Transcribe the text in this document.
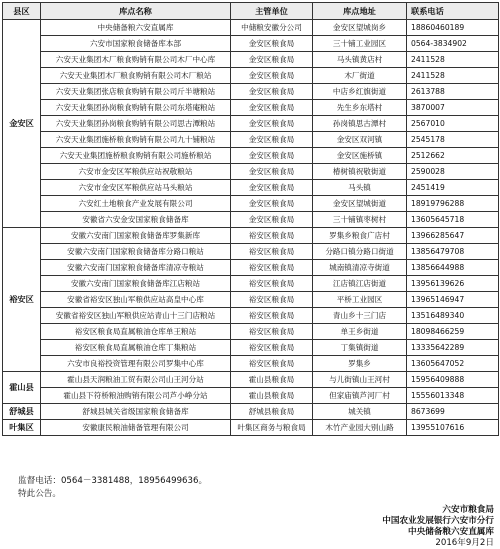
县区	库点名称	主管单位	库点地址	联系电话
金安区	中央储备粮六安直属库	中储粮安徽分公司	金安区望城岗乡	18860460189
	六安市国家粮食储备库本部	金安区粮食局	三十铺工业园区	0564-3834902
	六安天业集团木厂粮食购销有限公司木厂中心库	金安区粮食局	马头镇黄店村	2411528
	六安天业集团木厂粮食购销有限公司木厂粮站	金安区粮食局	木厂街道	2411528
	六安天业集团张店粮食购销有限公司斤半塘粮站	金安区粮食局	中店乡红旗街道	2613788
	六安天业集团孙岗粮食购销有限公司东塔庵粮站	金安区粮食局	先生乡东塔村	3870007
	六安天业集团孙岗粮食购销有限公司思古潭粮站	金安区粮食局	孙岗镇思古潭村	2567010
	六安天业集团施桥粮食购销有限公司九十铺粮站	金安区粮食局	金安区双河镇	2545178
	六安天业集团施桥粮食购销有限公司施桥粮站	金安区粮食局	金安区施桥镇	2512662
	六安市金安区军粮供应站祝敬粮站	金安区粮食局	椿树镇祝敬街道	2590028
	六安市金安区军粮供应站马头粮站	金安区粮食局	马头镇	2451419
	六安红土地粮食产业发展有限公司	金安区粮食局	金安区望城街道	18919796288
	安徽省六安金安国家粮食储备库	金安区粮食局	三十铺镇枣树村	13605645718
裕安区	安徽六安南门国家粮食储备库罗集新库	裕安区粮食局	罗集乡粮食广店村	13966285647
	安徽六安南门国家粮食储备库分路口粮站	裕安区粮食局	分路口镇分路口街道	13856479708
	安徽六安南门国家粮食储备库清凉寺粮站	裕安区粮食局	城南镇清凉寺街道	13856644988
	安徽六安南门国家粮食储备库江店粮站	裕安区粮食局	江店镇江店街道	13956139626
	安徽省裕安区独山军粮供应站高皇中心库	裕安区粮食局	平桥工业园区	13965146947
	安徽省裕安区独山军粮供应站青山十三门店粮站	裕安区粮食局	青山乡十三门店	13516489340
	裕安区粮食局直属粮油仓库单王粮站	裕安区粮食局	单王乡街道	18098466259
	裕安区粮食局直属粮油仓库丁集粮站	裕安区粮食局	丁集镇街道	13335642289
	六安市良裕投资管理有限公司罗集中心库	裕安区粮食局	罗集乡	13605647052
霍山县	霍山县天润粮油工贸有限公司山王河分站	霍山县粮食局	与儿街镇山王河村	15956409888
	霍山县下符桥粮油购销有限公司芦小峥分站	霍山县粮食局	但家庙镇芦河厂村	15556013348
舒城县	舒城县城关省级国家粮食储备库	舒城县粮食局	城关镇	8673699
叶集区	安徽康民粮油储备管理有限公司	叶集区商务与粮食局	木竹产业园大别山路	13955107616
监督电话：0564－3381488，18956499636。
特此公告。
六安市粮食局
中国农业发展银行六安市分行
中央储备粮六安直属库
2016年9月2日
